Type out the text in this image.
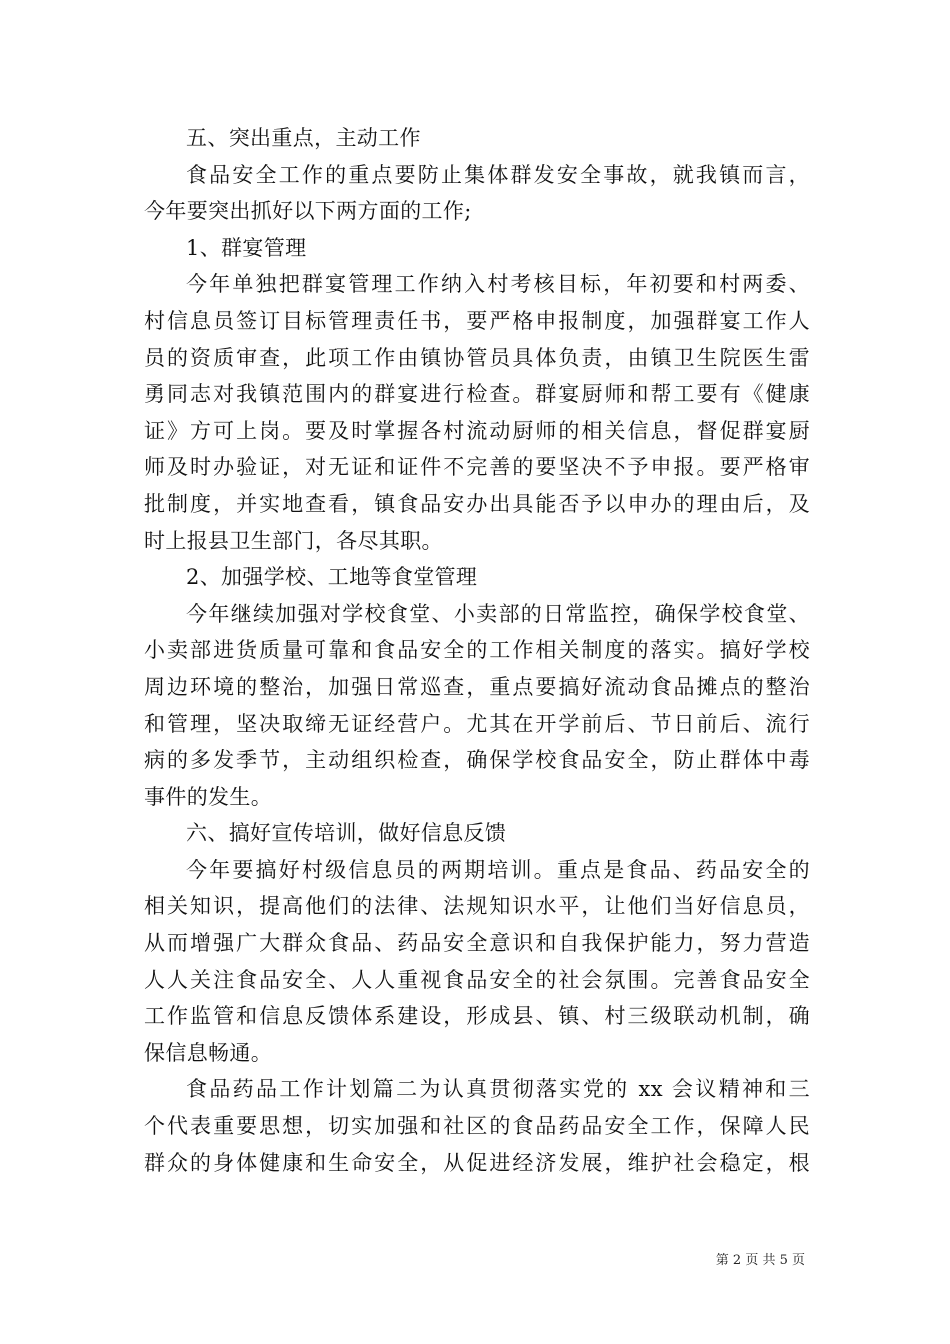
五、突出重点，主动工作
食品安全工作的重点要防止集体群发安全事故，就我镇而言，
今年要突出抓好以下两方面的工作;
1、群宴管理
今年单独把群宴管理工作纳入村考核目标，年初要和村两委、
村信息员签订目标管理责任书，要严格申报制度，加强群宴工作人
员的资质审查，此项工作由镇协管员具体负责，由镇卫生院医生雷
勇同志对我镇范围内的群宴进行检查。群宴厨师和帮工要有《健康
证》方可上岗。要及时掌握各村流动厨师的相关信息，督促群宴厨
师及时办验证，对无证和证件不完善的要坚决不予申报。要严格审
批制度，并实地查看，镇食品安办出具能否予以申办的理由后，及
时上报县卫生部门，各尽其职。
2、加强学校、工地等食堂管理
今年继续加强对学校食堂、小卖部的日常监控，确保学校食堂、
小卖部进货质量可靠和食品安全的工作相关制度的落实。搞好学校
周边环境的整治，加强日常巡查，重点要搞好流动食品摊点的整治
和管理，坚决取缔无证经营户。尤其在开学前后、节日前后、流行
病的多发季节，主动组织检查，确保学校食品安全，防止群体中毒
事件的发生。
六、搞好宣传培训，做好信息反馈
今年要搞好村级信息员的两期培训。重点是食品、药品安全的
相关知识，提高他们的法律、法规知识水平，让他们当好信息员，
从而增强广大群众食品、药品安全意识和自我保护能力，努力营造
人人关注食品安全、人人重视食品安全的社会氛围。完善食品安全
工作监管和信息反馈体系建设，形成县、镇、村三级联动机制，确
保信息畅通。
食品药品工作计划篇二为认真贯彻落实党的 xx 会议精神和三
个代表重要思想，切实加强和社区的食品药品安全工作，保障人民
群众的身体健康和生命安全，从促进经济发展，维护社会稳定，根
第 2 页 共 5 页
